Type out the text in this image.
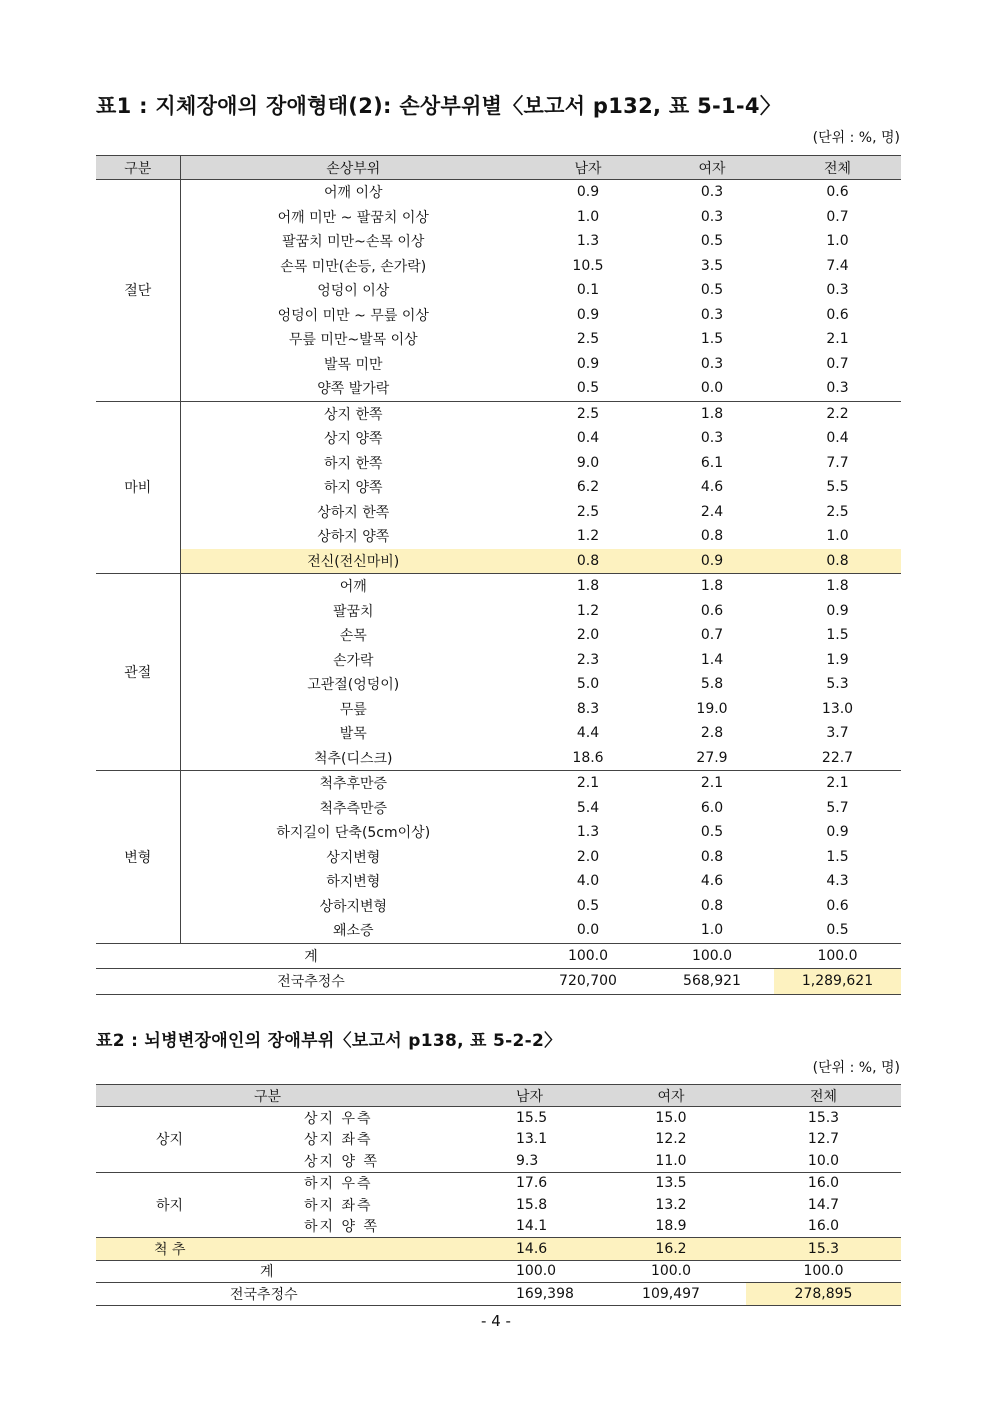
표1 : 지체장애의 장애형태(2): 손상부위별〈보고서 p132, 표 5-1-4〉
(단위 : %, 명)
구분	손상부위	남자	여자	전체
절단	어깨 이상	0.9	0.3	0.6
	어깨 미만 ~ 팔꿈치 이상	1.0	0.3	0.7
	팔꿈치 미만~손목 이상	1.3	0.5	1.0
	손목 미만(손등, 손가락)	10.5	3.5	7.4
	엉덩이 이상	0.1	0.5	0.3
	엉덩이 미만 ~ 무릎 이상	0.9	0.3	0.6
	무릎 미만~발목 이상	2.5	1.5	2.1
	발목 미만	0.9	0.3	0.7
	양쪽 발가락	0.5	0.0	0.3
마비	상지 한쪽	2.5	1.8	2.2
	상지 양쪽	0.4	0.3	0.4
	하지 한쪽	9.0	6.1	7.7
	하지 양쪽	6.2	4.6	5.5
	상하지 한쪽	2.5	2.4	2.5
	상하지 양쪽	1.2	0.8	1.0
	전신(전신마비)	0.8	0.9	0.8
관절	어깨	1.8	1.8	1.8
	팔꿈치	1.2	0.6	0.9
	손목	2.0	0.7	1.5
	손가락	2.3	1.4	1.9
	고관절(엉덩이)	5.0	5.8	5.3
	무릎	8.3	19.0	13.0
	발목	4.4	2.8	3.7
	척추(디스크)	18.6	27.9	22.7
변형	척추후만증	2.1	2.1	2.1
	척추측만증	5.4	6.0	5.7
	하지길이 단축(5cm이상)	1.3	0.5	0.9
	상지변형	2.0	0.8	1.5
	하지변형	4.0	4.6	4.3
	상하지변형	0.5	0.8	0.6
	왜소증	0.0	1.0	0.5
계		100.0	100.0	100.0
전국추정수		720,700	568,921	1,289,621
표2 : 뇌병변장애인의 장애부위〈보고서 p138, 표 5-2-2〉
(단위 : %, 명)
구분		남자	여자	전체
상지	상지 우측	15.5	15.0	15.3
	상지 좌측	13.1	12.2	12.7
	상지 양 쪽	9.3	11.0	10.0
하지	하지 우측	17.6	13.5	16.0
	하지 좌측	15.8	13.2	14.7
	하지 양 쪽	14.1	18.9	16.0
척 추		14.6	16.2	15.3
계		100.0	100.0	100.0
전국추정수		169,398	109,497	278,895
- 4 -
